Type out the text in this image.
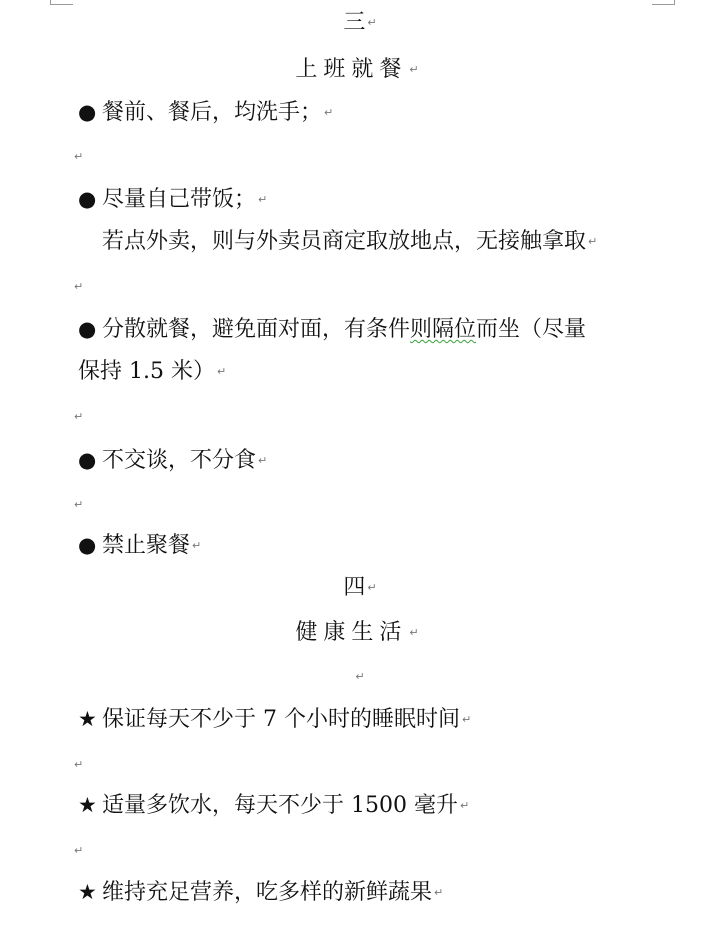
三 ↵
上班就餐 ↵
● 餐前、餐后，均洗手； ↵
↵
● 尽量自己带饭； ↵
若点外卖，则与外卖员商定取放地点，无接触拿取 ↵
↵
● 分散就餐，避免面对面，有条件则隔位而坐（尽量
保持 1.5 米） ↵
↵
● 不交谈，不分食 ↵
↵
● 禁止聚餐 ↵
四 ↵
健康生活 ↵
↵
★ 保证每天不少于 7 个小时的睡眠时间 ↵
↵
★ 适量多饮水，每天不少于 1500 毫升 ↵
↵
★ 维持充足营养，吃多样的新鲜蔬果 ↵
